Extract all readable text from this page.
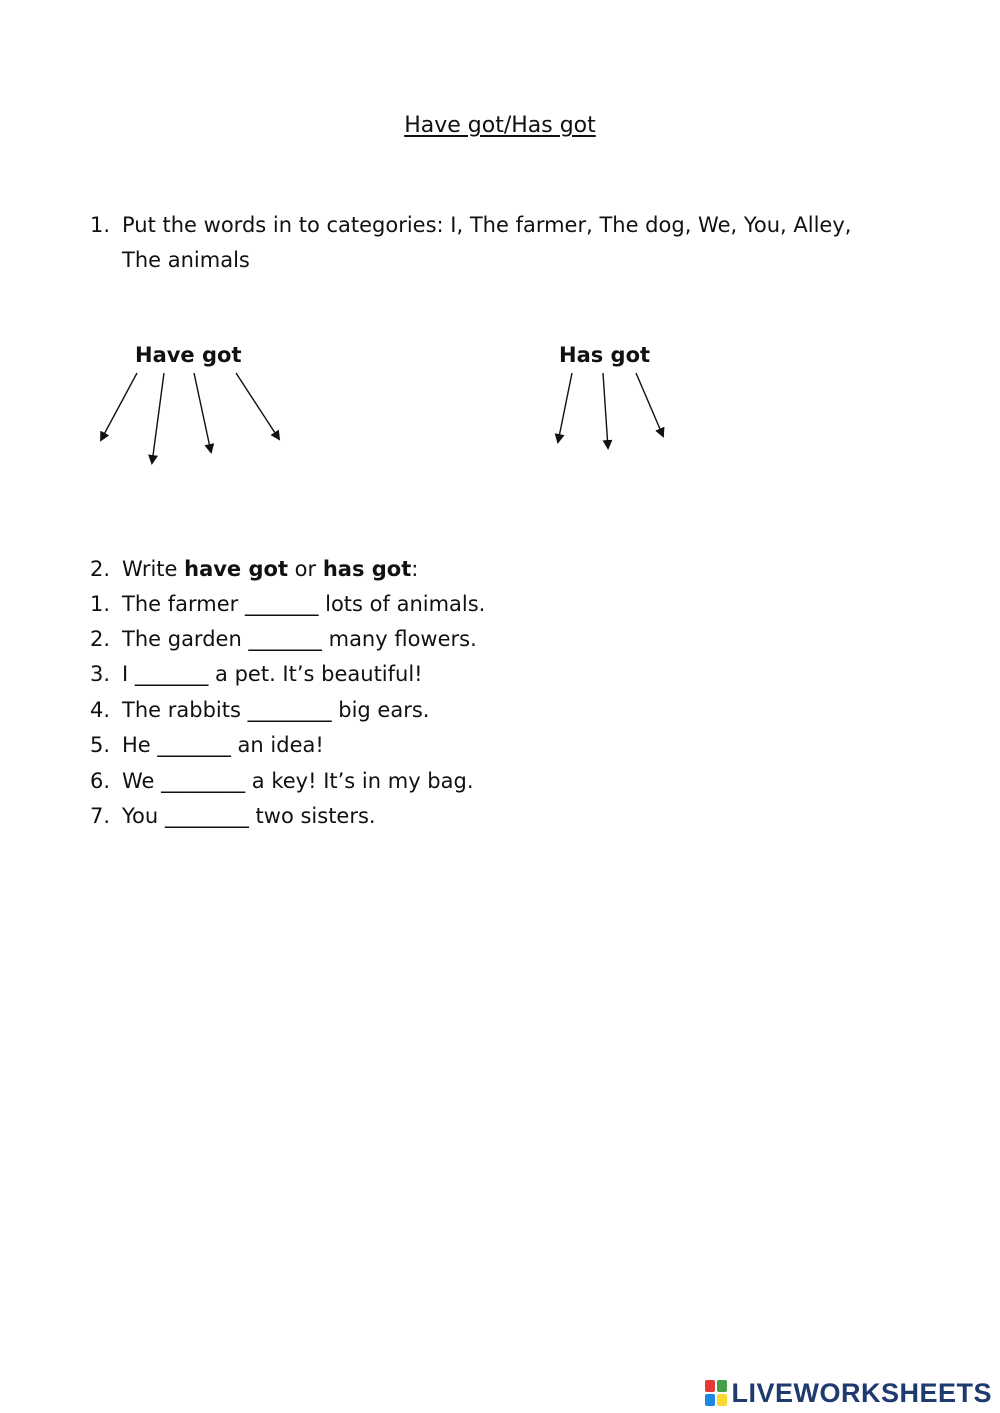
Have got/Has got
1. Put the words in to categories: I, The farmer, The dog, We, You, Alley,
The animals
Have got	Has got
2. Write have got or has got:
1. The farmer _______ lots of animals.
2. The garden _______ many flowers.
3. I _______ a pet. It’s beautiful!
4. The rabbits ________ big ears.
5. He _______ an idea!
6. We ________ a key! It’s in my bag.
7. You ________ two sisters.
LIVEWORKSHEETS
